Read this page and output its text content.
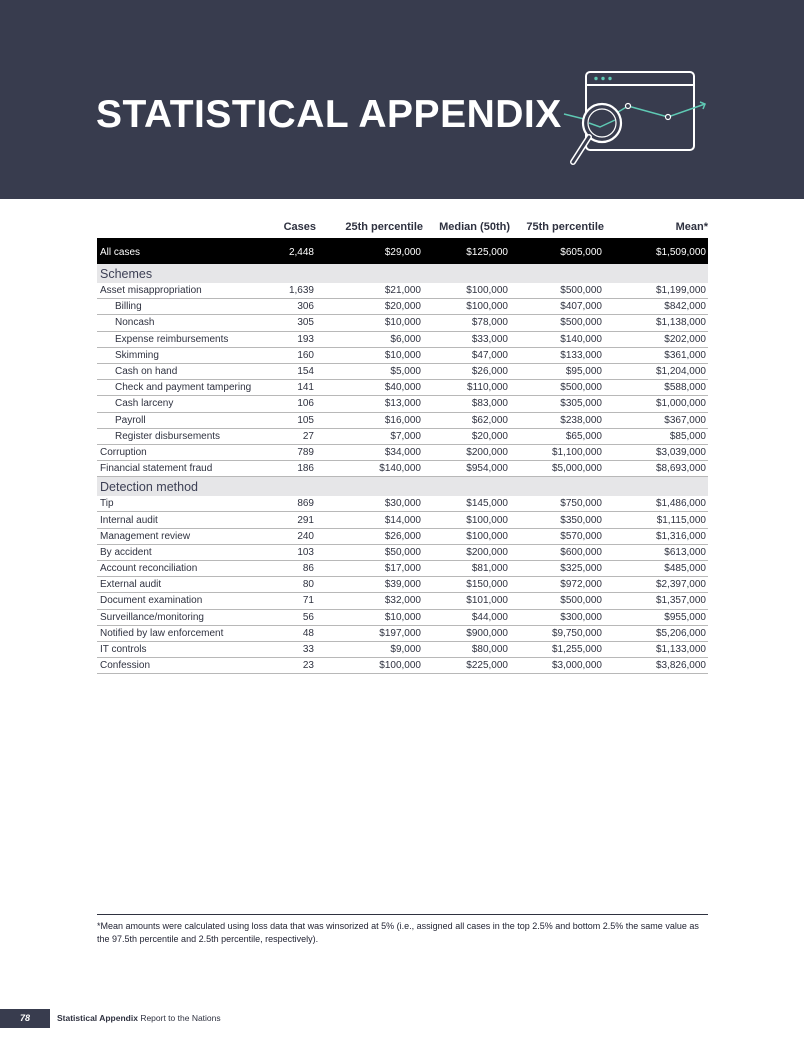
STATISTICAL APPENDIX
	Cases	25th percentile	Median (50th)	75th percentile	Mean*
All cases	2,448	$29,000	$125,000	$605,000	$1,509,000
Schemes					
Asset misappropriation	1,639	$21,000	$100,000	$500,000	$1,199,000
Billing	306	$20,000	$100,000	$407,000	$842,000
Noncash	305	$10,000	$78,000	$500,000	$1,138,000
Expense reimbursements	193	$6,000	$33,000	$140,000	$202,000
Skimming	160	$10,000	$47,000	$133,000	$361,000
Cash on hand	154	$5,000	$26,000	$95,000	$1,204,000
Check and payment tampering	141	$40,000	$110,000	$500,000	$588,000
Cash larceny	106	$13,000	$83,000	$305,000	$1,000,000
Payroll	105	$16,000	$62,000	$238,000	$367,000
Register disbursements	27	$7,000	$20,000	$65,000	$85,000
Corruption	789	$34,000	$200,000	$1,100,000	$3,039,000
Financial statement fraud	186	$140,000	$954,000	$5,000,000	$8,693,000
Detection method					
Tip	869	$30,000	$145,000	$750,000	$1,486,000
Internal audit	291	$14,000	$100,000	$350,000	$1,115,000
Management review	240	$26,000	$100,000	$570,000	$1,316,000
By accident	103	$50,000	$200,000	$600,000	$613,000
Account reconciliation	86	$17,000	$81,000	$325,000	$485,000
External audit	80	$39,000	$150,000	$972,000	$2,397,000
Document examination	71	$32,000	$101,000	$500,000	$1,357,000
Surveillance/monitoring	56	$10,000	$44,000	$300,000	$955,000
Notified by law enforcement	48	$197,000	$900,000	$9,750,000	$5,206,000
IT controls	33	$9,000	$80,000	$1,255,000	$1,133,000
Confession	23	$100,000	$225,000	$3,000,000	$3,826,000
*Mean amounts were calculated using loss data that was winsorized at 5% (i.e., assigned all cases in the top 2.5% and bottom 2.5% the same value as the 97.5th percentile and 2.5th percentile, respectively).
78	Statistical Appendix Report to the Nations
